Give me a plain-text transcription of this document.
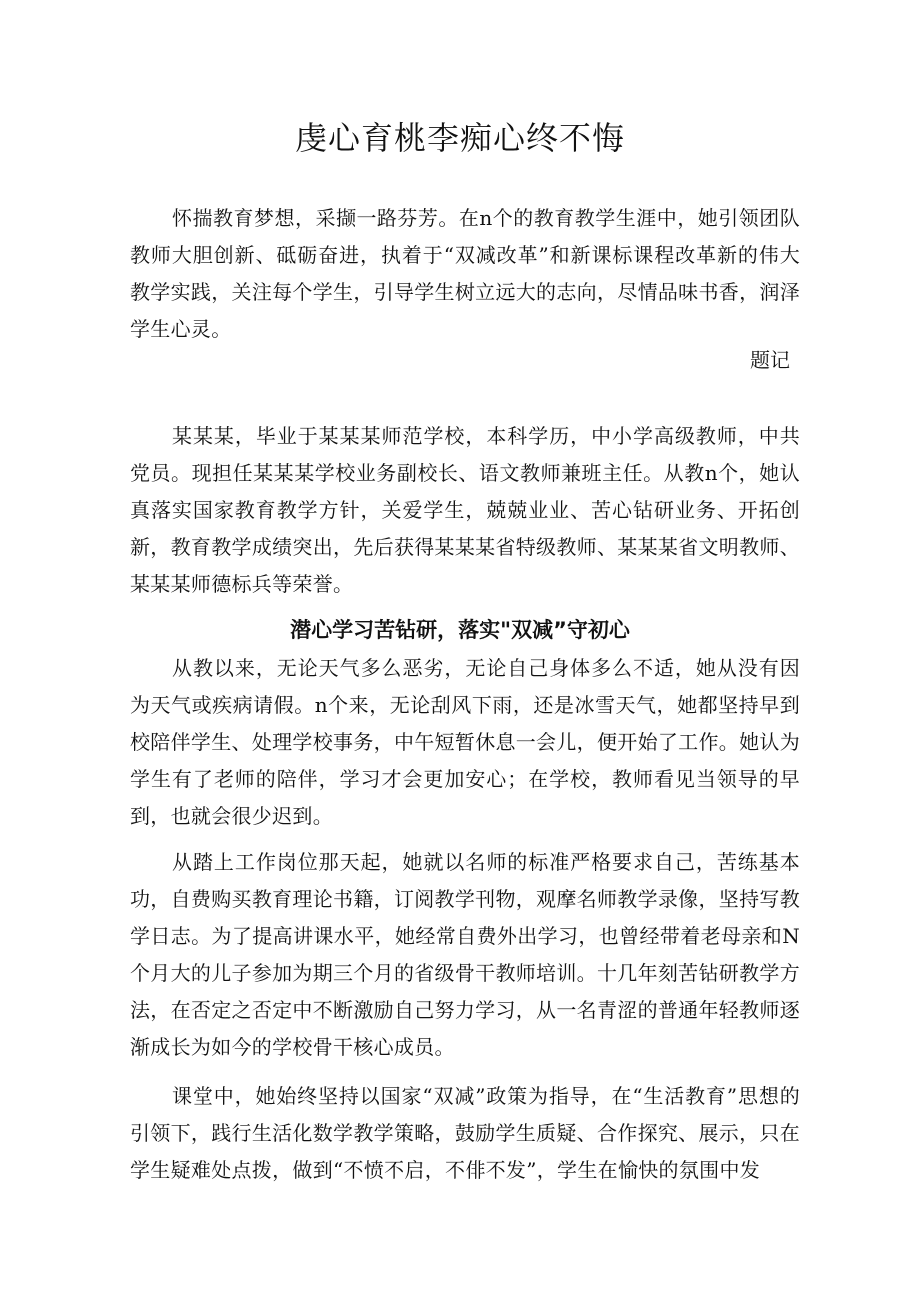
虔心育桃李痴心终不悔

怀揣教育梦想，采撷一路芬芳。在n个的教育教学生涯中，她引领团队教师大胆创新、砥砺奋进，执着于“双减改革”和新课标课程改革新的伟大教学实践，关注每个学生，引导学生树立远大的志向，尽情品味书香，润泽学生心灵。

题记

某某某，毕业于某某某师范学校，本科学历，中小学高级教师，中共党员。现担任某某某学校业务副校长、语文教师兼班主任。从教n个，她认真落实国家教育教学方针，关爱学生，兢兢业业、苦心钻研业务、开拓创新，教育教学成绩突出，先后获得某某某省特级教师、某某某省文明教师、某某某师德标兵等荣誉。

潜心学习苦钻研，落实"双减”守初心

从教以来，无论天气多么恶劣，无论自己身体多么不适，她从没有因为天气或疾病请假。n个来，无论刮风下雨，还是冰雪天气，她都坚持早到校陪伴学生、处理学校事务，中午短暂休息一会儿，便开始了工作。她认为学生有了老师的陪伴，学习才会更加安心；在学校，教师看见当领导的早到，也就会很少迟到。

从踏上工作岗位那天起，她就以名师的标准严格要求自己，苦练基本功，自费购买教育理论书籍，订阅教学刊物，观摩名师教学录像，坚持写教学日志。为了提高讲课水平，她经常自费外出学习，也曾经带着老母亲和N个月大的儿子参加为期三个月的省级骨干教师培训。十几年刻苦钻研教学方法，在否定之否定中不断激励自己努力学习，从一名青涩的普通年轻教师逐渐成长为如今的学校骨干核心成员。

课堂中，她始终坚持以国家“双减”政策为指导，在“生活教育”思想的引领下，践行生活化数学教学策略，鼓励学生质疑、合作探究、展示，只在学生疑难处点拨，做到“不愤不启，不俳不发”，学生在愉快的氛围中发
